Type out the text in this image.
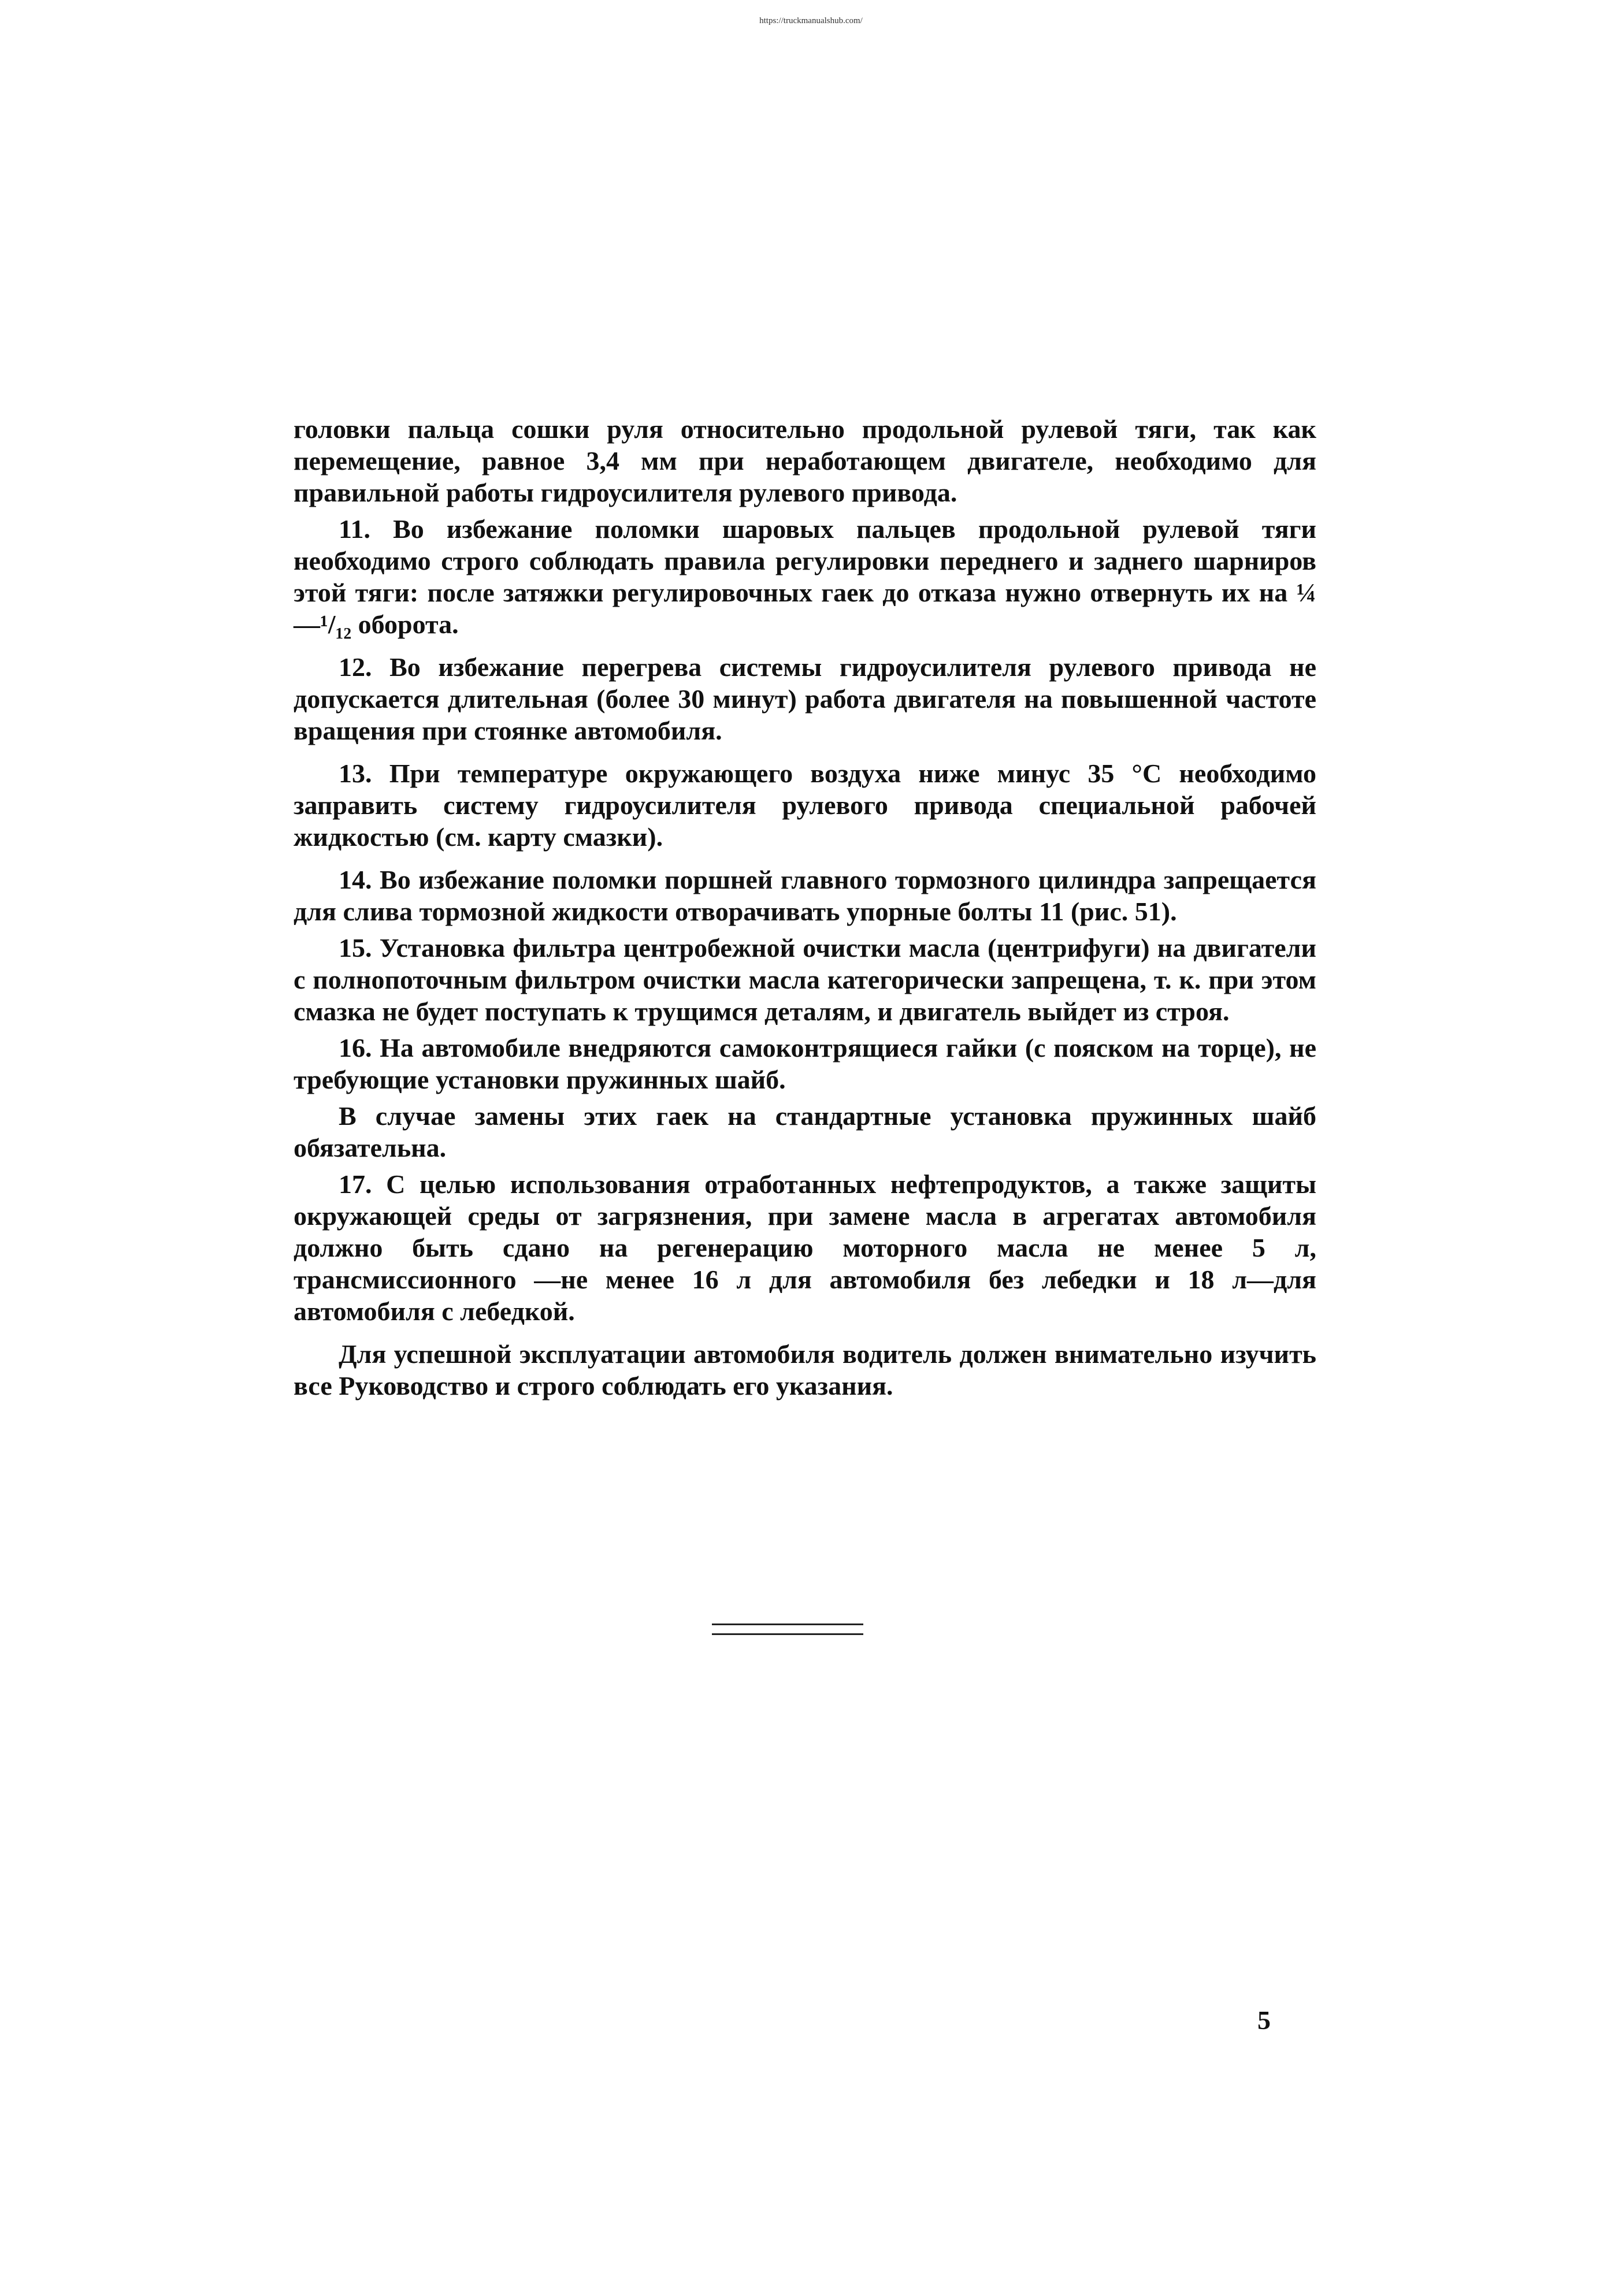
https://truckmanualshub.com/

головки пальца сошки руля относительно продольной рулевой тяги, так как перемещение, равное 3,4 мм при неработающем двигателе, необходимо для правильной работы гидроусилителя рулевого привода.

11. Во избежание поломки шаровых пальцев продольной рулевой тяги необходимо строго соблюдать правила регулировки переднего и заднего шарниров этой тяги: после затяжки регулировочных гаек до отказа нужно отвернуть их на ¼—¹/₁₂ оборота.

12. Во избежание перегрева системы гидроусилителя рулевого привода не допускается длительная (более 30 минут) работа двигателя на повышенной частоте вращения при стоянке автомобиля.

13. При температуре окружающего воздуха ниже минус 35 °С необходимо заправить систему гидроусилителя рулевого привода специальной рабочей жидкостью (см. карту смазки).

14. Во избежание поломки поршней главного тормозного цилиндра запрещается для слива тормозной жидкости отворачивать упорные болты 11 (рис. 51).

15. Установка фильтра центробежной очистки масла (центрифуги) на двигатели с полнопоточным фильтром очистки масла категорически запрещена, т. к. при этом смазка не будет поступать к трущимся деталям, и двигатель выйдет из строя.

16. На автомобиле внедряются самоконтрящиеся гайки (с пояском на торце), не требующие установки пружинных шайб.

В случае замены этих гаек на стандартные установка пружинных шайб обязательна.

17. С целью использования отработанных нефтепродуктов, а также защиты окружающей среды от загрязнения, при замене масла в агрегатах автомобиля должно быть сдано на регенерацию моторного масла не менее 5 л, трансмиссионного —не менее 16 л для автомобиля без лебедки и 18 л—для автомобиля с лебедкой.

Для успешной эксплуатации автомобиля водитель должен внимательно изучить все Руководство и строго соблюдать его указания.

5
